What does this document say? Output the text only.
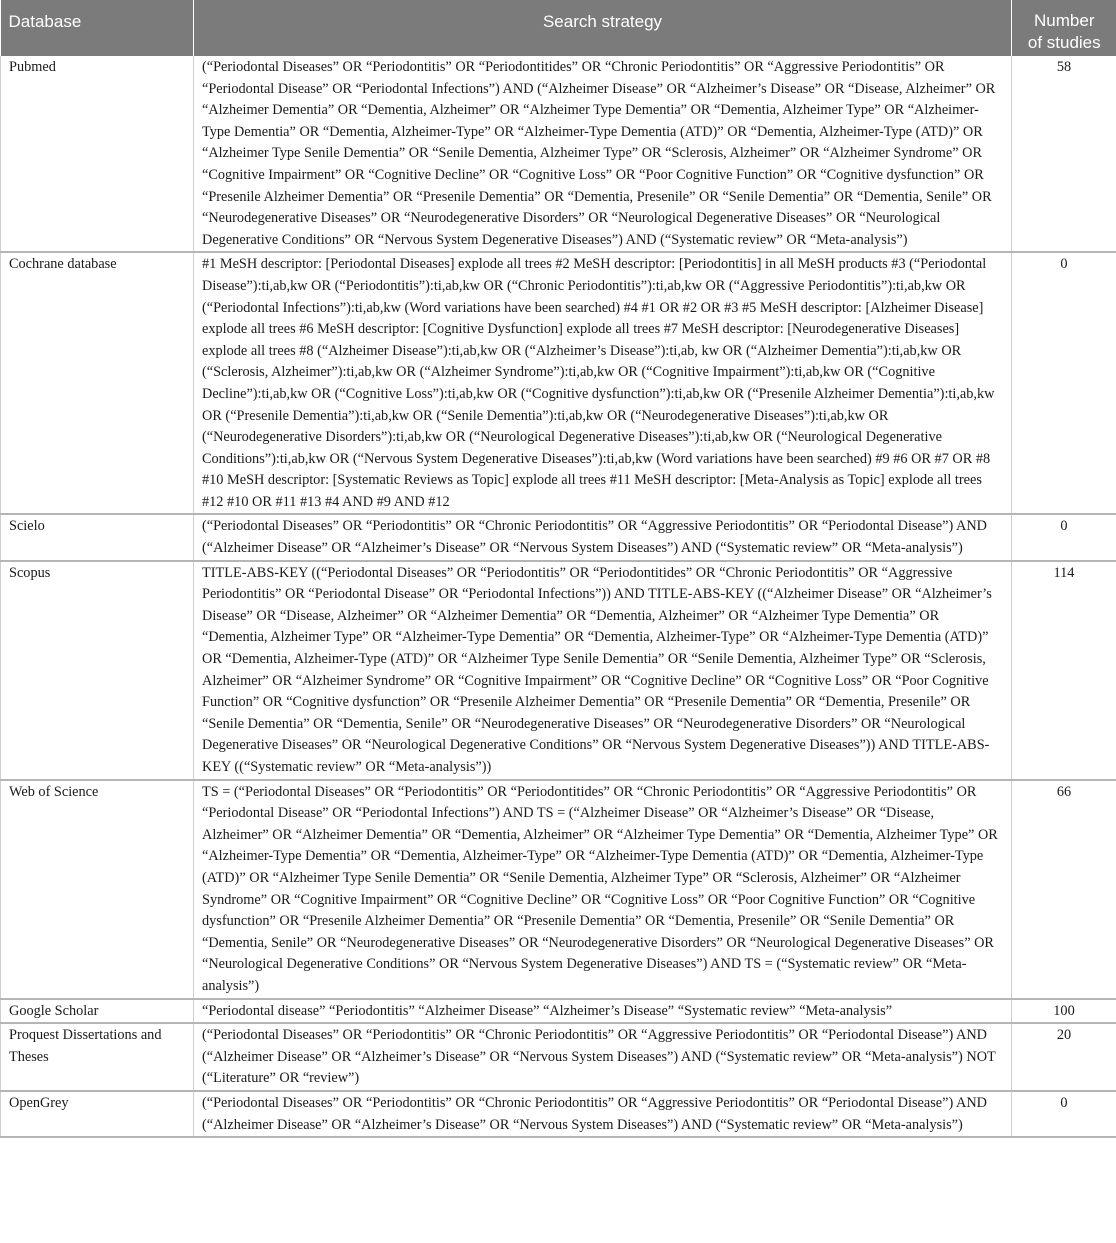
Database	Search strategy	Number
of studies
Pubmed	(“Periodontal Diseases” OR “Periodontitis” OR “Periodontitides” OR “Chronic Periodontitis” OR “Aggressive Periodontitis” OR “Periodontal Disease” OR “Periodontal Infections”) AND (“Alzheimer Disease” OR “Alzheimer’s Disease” OR “Disease, Alzheimer” OR “Alzheimer Dementia” OR “Dementia, Alzheimer” OR “Alzheimer Type Dementia” OR “Dementia, Alzheimer Type” OR “Alzheimer-Type Dementia” OR “Dementia, Alzheimer-Type” OR “Alzheimer-Type Dementia (ATD)” OR “Dementia, Alzheimer-Type (ATD)” OR “Alzheimer Type Senile Dementia” OR “Senile Dementia, Alzheimer Type” OR “Sclerosis, Alzheimer” OR “Alzheimer Syndrome” OR “Cognitive Impairment” OR “Cognitive Decline” OR “Cognitive Loss” OR “Poor Cognitive Function” OR “Cognitive dysfunction” OR “Presenile Alzheimer Dementia” OR “Presenile Dementia” OR “Dementia, Presenile” OR “Senile Dementia” OR “Dementia, Senile” OR “Neurodegenerative Diseases” OR “Neurodegenerative Disorders” OR “Neurological Degenerative Diseases” OR “Neurological Degenerative Conditions” OR “Nervous System Degenerative Diseases”) AND (“Systematic review” OR “Meta-analysis”)	58
Cochrane database	#1 MeSH descriptor: [Periodontal Diseases] explode all trees #2 MeSH descriptor: [Periodontitis] in all MeSH products #3 (“Periodontal Disease”):ti,ab,kw OR (“Periodontitis”):ti,ab,kw OR (“Chronic Periodontitis”):ti,ab,kw OR (“Aggressive Periodontitis”):ti,ab,kw OR (“Periodontal Infections”):ti,ab,kw (Word variations have been searched) #4 #1 OR #2 OR #3 #5 MeSH descriptor: [Alzheimer Disease] explode all trees #6 MeSH descriptor: [Cognitive Dysfunction] explode all trees #7 MeSH descriptor: [Neurodegenerative Diseases] explode all trees #8 (“Alzheimer Disease”):ti,ab,kw OR (“Alzheimer’s Disease”):ti,ab, kw OR (“Alzheimer Dementia”):ti,ab,kw OR (“Sclerosis, Alzheimer”):ti,ab,kw OR (“Alzheimer Syndrome”):ti,ab,kw OR (“Cognitive Impairment”):ti,ab,kw OR (“Cognitive Decline”):ti,ab,kw OR (“Cognitive Loss”):ti,ab,kw OR (“Cognitive dysfunction”):ti,ab,kw OR (“Presenile Alzheimer Dementia”):ti,ab,kw OR (“Presenile Dementia”):ti,ab,kw OR (“Senile Dementia”):ti,ab,kw OR (“Neurodegenerative Diseases”):ti,ab,kw OR (“Neurodegenerative Disorders”):ti,ab,kw OR (“Neurological Degenerative Diseases”):ti,ab,kw OR (“Neurological Degenerative Conditions”):ti,ab,kw OR (“Nervous System Degenerative Diseases”):ti,ab,kw (Word variations have been searched) #9 #6 OR #7 OR #8 #10 MeSH descriptor: [Systematic Reviews as Topic] explode all trees #11 MeSH descriptor: [Meta-Analysis as Topic] explode all trees #12 #10 OR #11 #13 #4 AND #9 AND #12	0
Scielo	(“Periodontal Diseases” OR “Periodontitis” OR “Chronic Periodontitis” OR “Aggressive Periodontitis” OR “Periodontal Disease”) AND (“Alzheimer Disease” OR “Alzheimer’s Disease” OR “Nervous System Diseases”) AND (“Systematic review” OR “Meta-analysis”)	0
Scopus	TITLE-ABS-KEY ((“Periodontal Diseases” OR “Periodontitis” OR “Periodontitides” OR “Chronic Periodontitis” OR “Aggressive Periodontitis” OR “Periodontal Disease” OR “Periodontal Infections”)) AND TITLE-ABS-KEY ((“Alzheimer Disease” OR “Alzheimer’s Disease” OR “Disease, Alzheimer” OR “Alzheimer Dementia” OR “Dementia, Alzheimer” OR “Alzheimer Type Dementia” OR “Dementia, Alzheimer Type” OR “Alzheimer-Type Dementia” OR “Dementia, Alzheimer-Type” OR “Alzheimer-Type Dementia (ATD)” OR “Dementia, Alzheimer-Type (ATD)” OR “Alzheimer Type Senile Dementia” OR “Senile Dementia, Alzheimer Type” OR “Sclerosis, Alzheimer” OR “Alzheimer Syndrome” OR “Cognitive Impairment” OR “Cognitive Decline” OR “Cognitive Loss” OR “Poor Cognitive Function” OR “Cognitive dysfunction” OR “Presenile Alzheimer Dementia” OR “Presenile Dementia” OR “Dementia, Presenile” OR “Senile Dementia” OR “Dementia, Senile” OR “Neurodegenerative Diseases” OR “Neurodegenerative Disorders” OR “Neurological Degenerative Diseases” OR “Neurological Degenerative Conditions” OR “Nervous System Degenerative Diseases”)) AND TITLE-ABS-KEY ((“Systematic review” OR “Meta-analysis”))	114
Web of Science	TS = (“Periodontal Diseases” OR “Periodontitis” OR “Periodontitides” OR “Chronic Periodontitis” OR “Aggressive Periodontitis” OR “Periodontal Disease” OR “Periodontal Infections”) AND TS = (“Alzheimer Disease” OR “Alzheimer’s Disease” OR “Disease, Alzheimer” OR “Alzheimer Dementia” OR “Dementia, Alzheimer” OR “Alzheimer Type Dementia” OR “Dementia, Alzheimer Type” OR “Alzheimer-Type Dementia” OR “Dementia, Alzheimer-Type” OR “Alzheimer-Type Dementia (ATD)” OR “Dementia, Alzheimer-Type (ATD)” OR “Alzheimer Type Senile Dementia” OR “Senile Dementia, Alzheimer Type” OR “Sclerosis, Alzheimer” OR “Alzheimer Syndrome” OR “Cognitive Impairment” OR “Cognitive Decline” OR “Cognitive Loss” OR “Poor Cognitive Function” OR “Cognitive dysfunction” OR “Presenile Alzheimer Dementia” OR “Presenile Dementia” OR “Dementia, Presenile” OR “Senile Dementia” OR “Dementia, Senile” OR “Neurodegenerative Diseases” OR “Neurodegenerative Disorders” OR “Neurological Degenerative Diseases” OR “Neurological Degenerative Conditions” OR “Nervous System Degenerative Diseases”) AND TS = (“Systematic review” OR “Meta-analysis”)	66
Google Scholar	“Periodontal disease” “Periodontitis” “Alzheimer Disease” “Alzheimer’s Disease” “Systematic review” “Meta-analysis”	100
Proquest Dissertations and Theses	(“Periodontal Diseases” OR “Periodontitis” OR “Chronic Periodontitis” OR “Aggressive Periodontitis” OR “Periodontal Disease”) AND (“Alzheimer Disease” OR “Alzheimer’s Disease” OR “Nervous System Diseases”) AND (“Systematic review” OR “Meta-analysis”) NOT (“Literature” OR “review”)	20
OpenGrey	(“Periodontal Diseases” OR “Periodontitis” OR “Chronic Periodontitis” OR “Aggressive Periodontitis” OR “Periodontal Disease”) AND (“Alzheimer Disease” OR “Alzheimer’s Disease” OR “Nervous System Diseases”) AND (“Systematic review” OR “Meta-analysis”)	0
